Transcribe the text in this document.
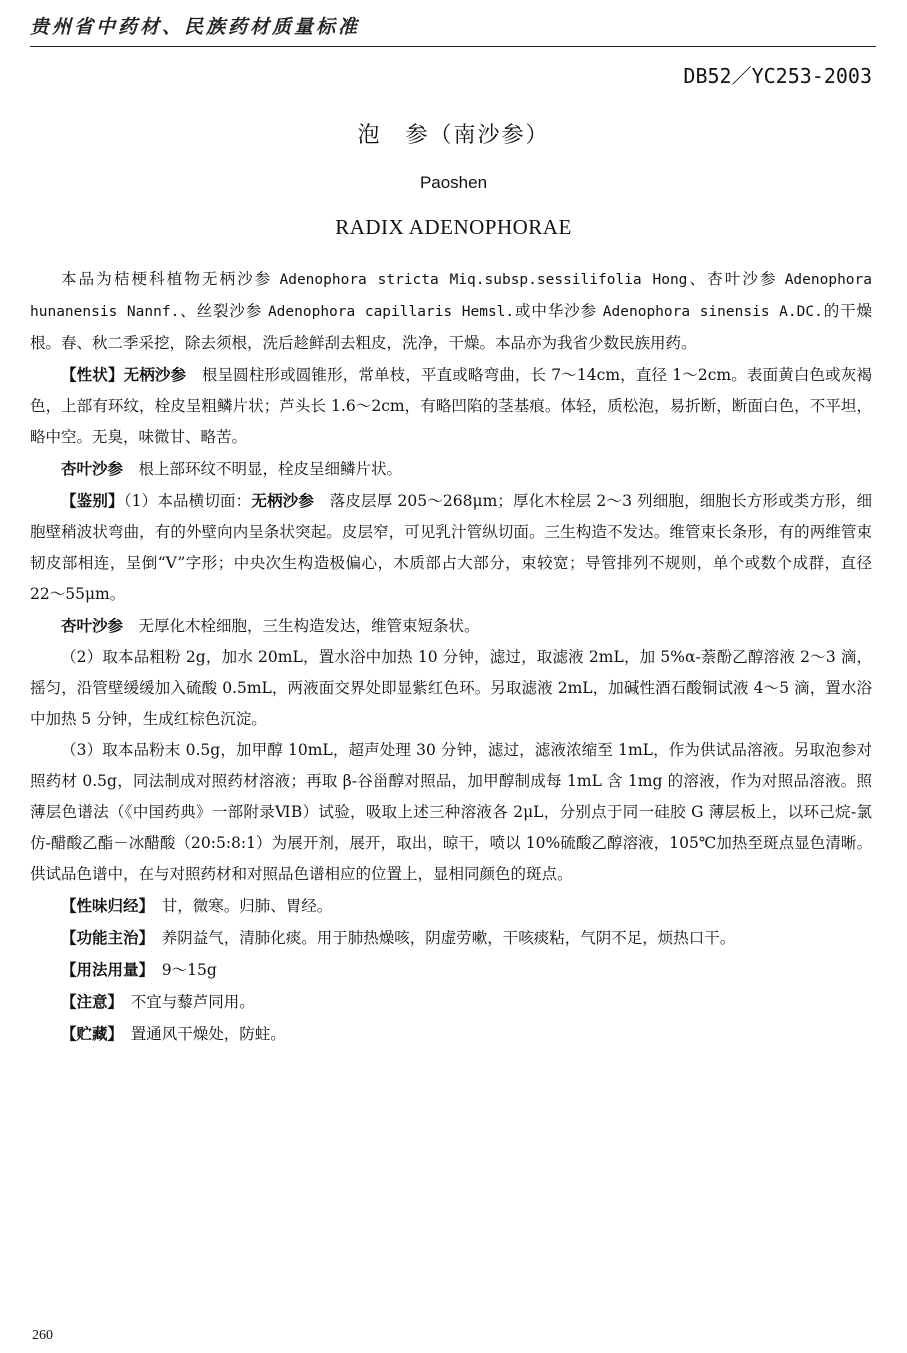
贵州省中药材、民族药材质量标准
DB52／YC253-2003
泡　参（南沙参）
Paoshen
RADIX ADENOPHORAE

本品为桔梗科植物无柄沙参 Adenophora stricta Miq.subsp.sessilifolia Hong、杏叶沙参 Adenophora hunanensis Nannf.、丝裂沙参 Adenophora capillaris Hemsl.或中华沙参 Adenophora sinensis A.DC.的干燥根。春、秋二季采挖，除去须根，洗后趁鲜刮去粗皮，洗净，干燥。本品亦为我省少数民族用药。

【性状】无柄沙参　根呈圆柱形或圆锥形，常单枝，平直或略弯曲，长 7～14cm，直径 1～2cm。表面黄白色或灰褐色，上部有环纹，栓皮呈粗鳞片状；芦头长 1.6～2cm，有略凹陷的茎基痕。体轻，质松泡，易折断，断面白色，不平坦，略中空。无臭，味微甘、略苦。

杏叶沙参　根上部环纹不明显，栓皮呈细鳞片状。

【鉴别】（1）本品横切面：无柄沙参　落皮层厚 205～268μm；厚化木栓层 2～3 列细胞，细胞长方形或类方形，细胞壁稍波状弯曲，有的外壁向内呈条状突起。皮层窄，可见乳汁管纵切面。三生构造不发达。维管束长条形，有的两维管束韧皮部相连，呈倒“V”字形；中央次生构造极偏心，木质部占大部分，束较宽；导管排列不规则，单个或数个成群，直径 22～55μm。

杏叶沙参　无厚化木栓细胞，三生构造发达，维管束短条状。

（2）取本品粗粉 2g，加水 20mL，置水浴中加热 10 分钟，滤过，取滤液 2mL，加 5%α-萘酚乙醇溶液 2～3 滴，摇匀，沿管壁缓缓加入硫酸 0.5mL，两液面交界处即显紫红色环。另取滤液 2mL，加碱性酒石酸铜试液 4～5 滴，置水浴中加热 5 分钟，生成红棕色沉淀。

（3）取本品粉末 0.5g，加甲醇 10mL，超声处理 30 分钟，滤过，滤液浓缩至 1mL，作为供试品溶液。另取泡参对照药材 0.5g，同法制成对照药材溶液；再取 β-谷甾醇对照品，加甲醇制成每 1mL 含 1mg 的溶液，作为对照品溶液。照薄层色谱法（《中国药典》一部附录ⅥB）试验，吸取上述三种溶液各 2μL，分别点于同一硅胶 G 薄层板上，以环己烷-氯仿-醋酸乙酯－冰醋酸（20:5:8:1）为展开剂，展开，取出，晾干，喷以 10%硫酸乙醇溶液，105℃加热至斑点显色清晰。供试品色谱中，在与对照药材和对照品色谱相应的位置上，显相同颜色的斑点。

【性味归经】　甘，微寒。归肺、胃经。

【功能主治】　养阴益气，清肺化痰。用于肺热燥咳，阴虚劳嗽，干咳痰粘，气阴不足，烦热口干。

【用法用量】　9～15g

【注意】　不宜与藜芦同用。

【贮藏】　置通风干燥处，防蛀。

260
